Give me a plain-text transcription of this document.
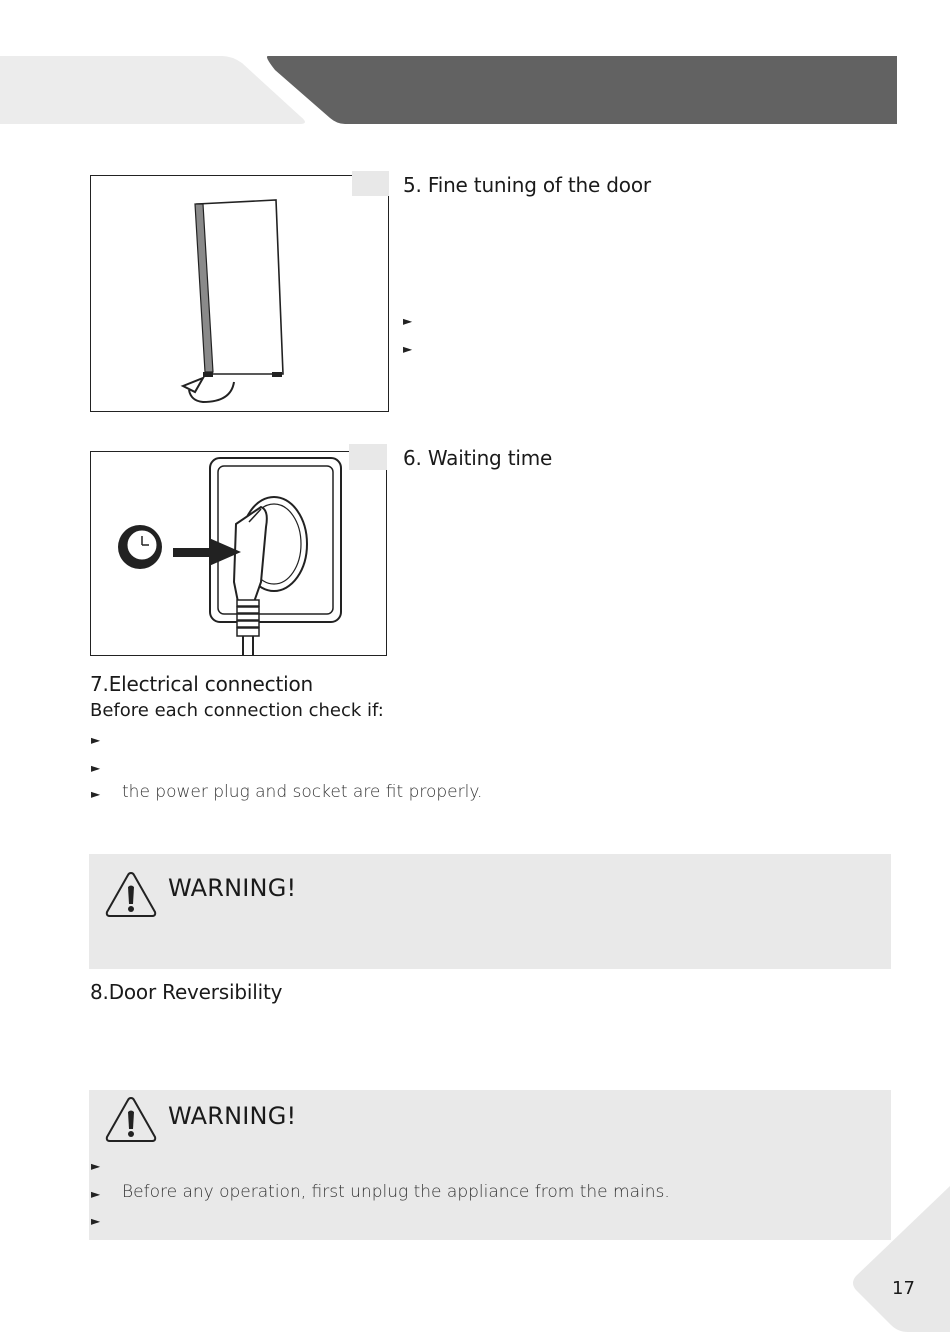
5. Fine tuning of the door
►
►
6. Waiting time
7.Electrical connection
Before each connection check if:
►
►
► the power plug and socket are fit properly.
WARNING!
8.Door Reversibility
WARNING!
►
► Before any operation, first unplug the appliance from the mains.
►
17
